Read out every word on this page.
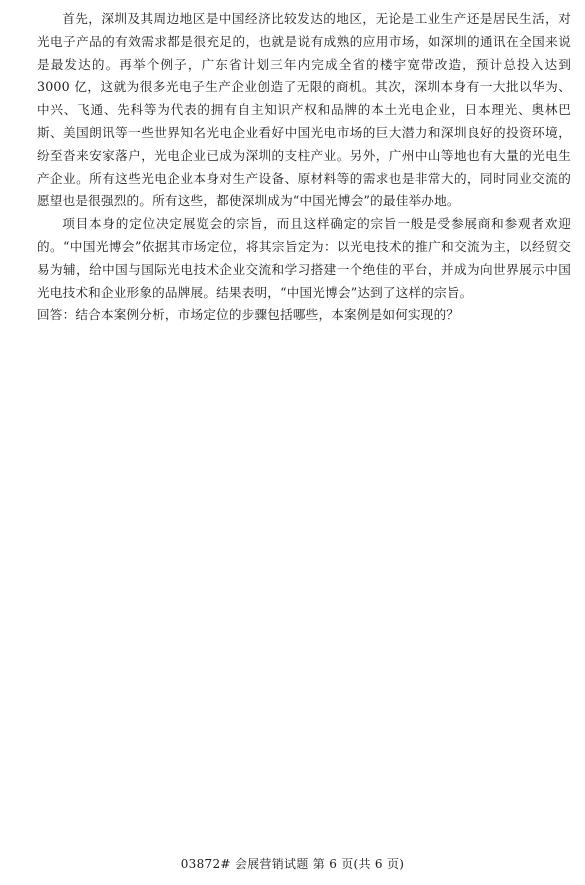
首先，深圳及其周边地区是中国经济比较发达的地区，无论是工业生产还是居民生活，对光电子产品的有效需求都是很充足的，也就是说有成熟的应用市场，如深圳的通讯在全国来说是最发达的。再举个例子，广东省计划三年内完成全省的楼宇宽带改造，预计总投入达到 3000 亿，这就为很多光电子生产企业创造了无限的商机。其次，深圳本身有一大批以华为、中兴、飞通、先科等为代表的拥有自主知识产权和品牌的本土光电企业，日本理光、奥林巴斯、美国朗讯等一些世界知名光电企业看好中国光电市场的巨大潜力和深圳良好的投资环境，纷至沓来安家落户，光电企业已成为深圳的支柱产业。另外，广州中山等地也有大量的光电生产企业。所有这些光电企业本身对生产设备、原材料等的需求也是非常大的，同时同业交流的愿望也是很强烈的。所有这些，都使深圳成为“中国光博会”的最佳举办地。

项目本身的定位决定展览会的宗旨，而且这样确定的宗旨一般是受参展商和参观者欢迎的。“中国光博会”依据其市场定位，将其宗旨定为：以光电技术的推广和交流为主，以经贸交易为辅，给中国与国际光电技术企业交流和学习搭建一个绝佳的平台，并成为向世界展示中国光电技术和企业形象的品牌展。结果表明，“中国光博会”达到了这样的宗旨。

回答：结合本案例分析，市场定位的步骤包括哪些，本案例是如何实现的？

03872# 会展营销试题 第 6 页(共 6 页)
